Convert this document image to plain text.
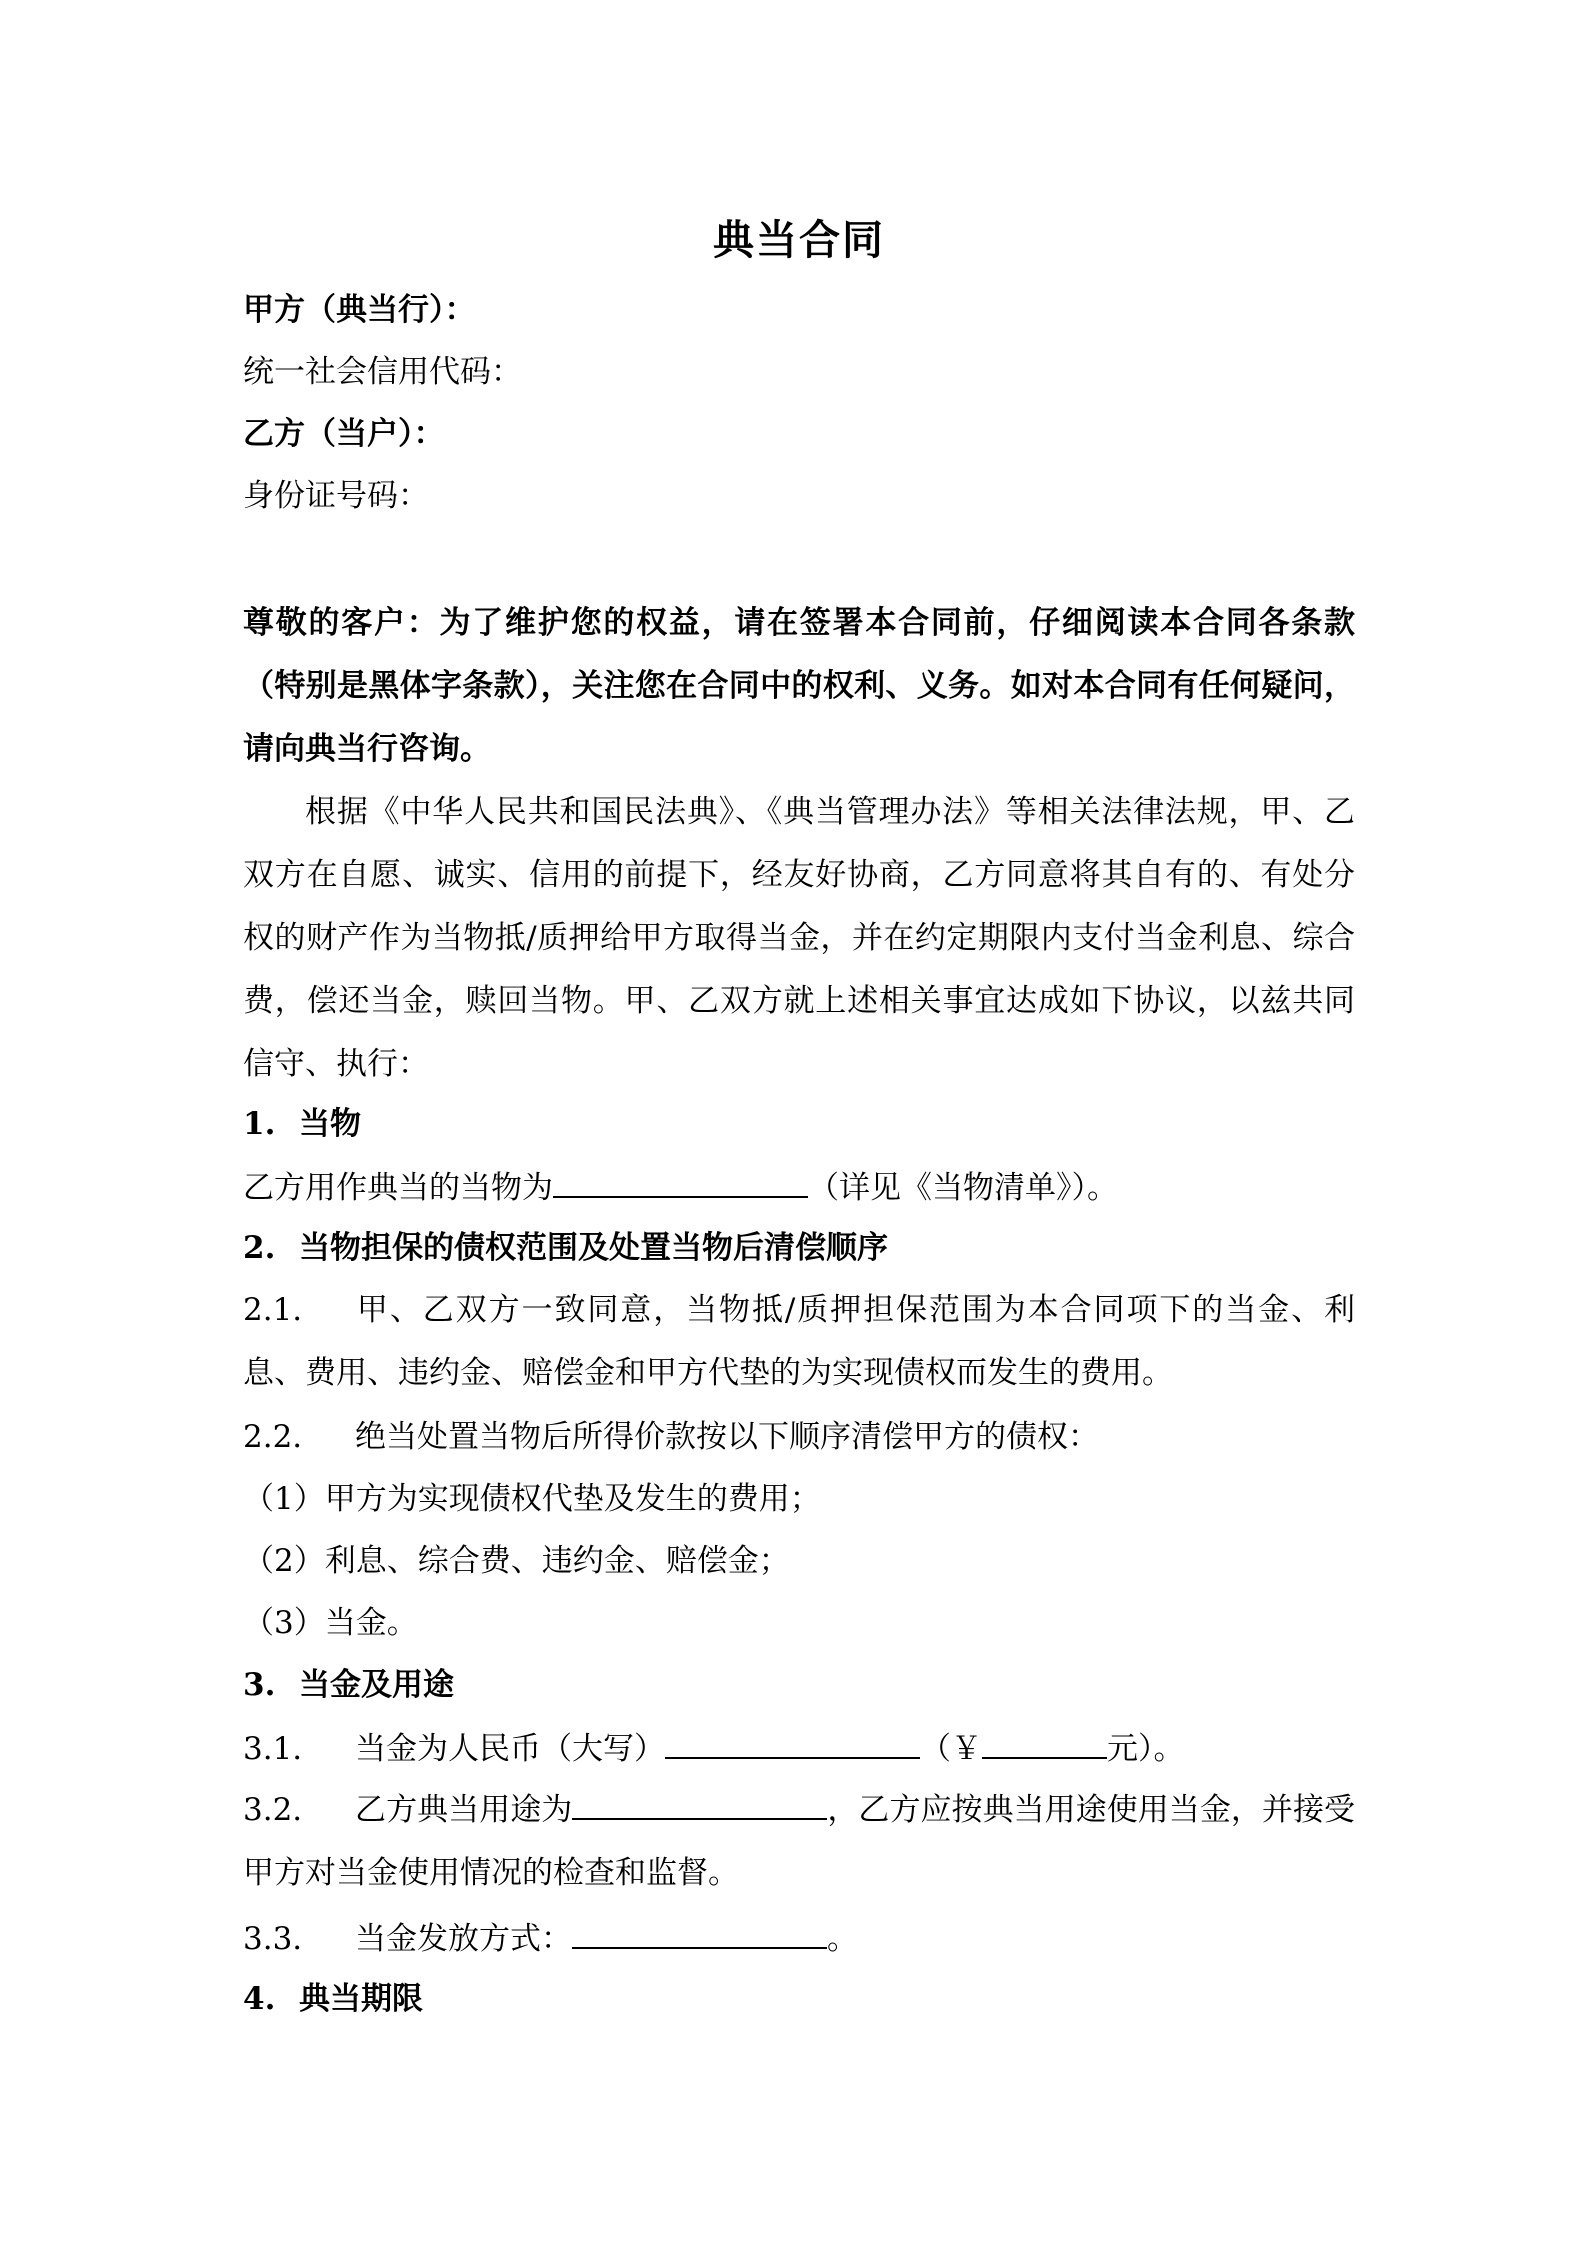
典当合同
甲方（典当行）：
统一社会信用代码：
乙方（当户）：
身份证号码：
尊敬的客户：为了维护您的权益，请在签署本合同前，仔细阅读本合同各条款（特别是黑体字条款），关注您在合同中的权利、义务。如对本合同有任何疑问，请向典当行咨询。
根据《中华人民共和国民法典》、《典当管理办法》等相关法律法规，甲、乙双方在自愿、诚实、信用的前提下，经友好协商，乙方同意将其自有的、有处分权的财产作为当物抵/质押给甲方取得当金，并在约定期限内支付当金利息、综合费，偿还当金，赎回当物。甲、乙双方就上述相关事宜达成如下协议，以兹共同信守、执行：
1. 当物
乙方用作典当的当物为	（详见《当物清单》）。
2. 当物担保的债权范围及处置当物后清偿顺序
2.1. 甲、乙双方一致同意，当物抵/质押担保范围为本合同项下的当金、利息、费用、违约金、赔偿金和甲方代垫的为实现债权而发生的费用。
2.2. 绝当处置当物后所得价款按以下顺序清偿甲方的债权：
（1）甲方为实现债权代垫及发生的费用；
（2）利息、综合费、违约金、赔偿金；
（3）当金。
3. 当金及用途
3.1. 当金为人民币（大写）	（￥	元）。
3.2. 乙方典当用途为	，乙方应按典当用途使用当金，并接受甲方对当金使用情况的检查和监督。
3.3. 当金发放方式：	。
4. 典当期限
